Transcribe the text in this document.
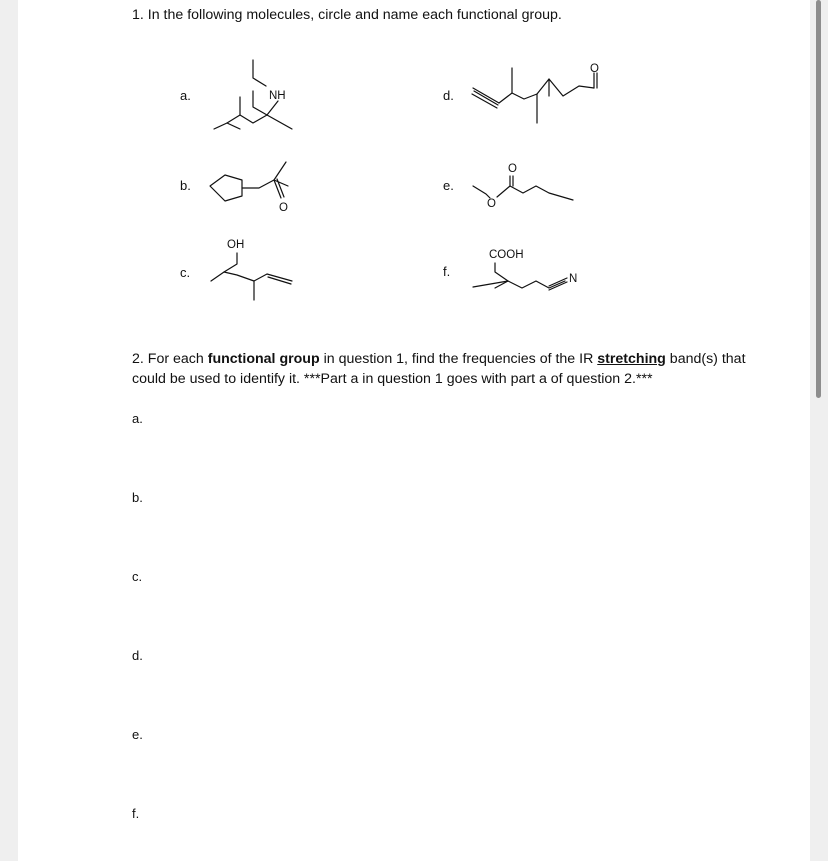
1. In the following molecules, circle and name each functional group.
a.
b.
c.
d.
e.
f.
NH
O
OH
O
O
O
COOH
N
2. For each functional group in question 1, find the frequencies of the IR stretching band(s) that could be used to identify it. ***Part a in question 1 goes with part a of question 2.***
a.
b.
c.
d.
e.
f.
